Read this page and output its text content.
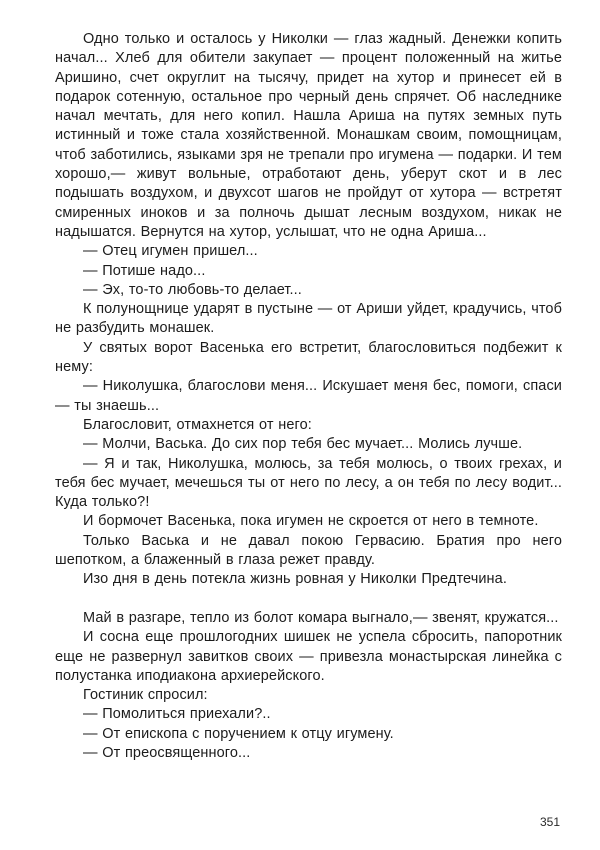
Одно только и осталось у Николки — глаз жадный. Денежки копить начал... Хлеб для обители закупает — процент положенный на житье Аришино, счет округлит на тысячу, придет на хутор и принесет ей в подарок сотенную, остальное про черный день спрячет. Об наследнике начал мечтать, для него копил. Нашла Ариша на путях земных путь истинный и тоже стала хозяйственной. Монашкам своим, помощницам, чтоб заботились, языками зря не трепали про игумена — подарки. И тем хорошо,— живут вольные, отработают день, уберут скот и в лес подышать воздухом, и двухсот шагов не пройдут от хутора — встретят смиренных иноков и за полночь дышат лесным воздухом, никак не надышатся. Вернутся на хутор, услышат, что не одна Ариша...

— Отец игумен пришел...

— Потише надо...

— Эх, то-то любовь-то делает...

К полунощнице ударят в пустыне — от Ариши уйдет, крадучись, чтоб не разбудить монашек.

У святых ворот Васенька его встретит, благословиться подбежит к нему:

— Николушка, благослови меня... Искушает меня бес, помоги, спаси — ты знаешь...

Благословит, отмахнется от него:

— Молчи, Васька. До сих пор тебя бес мучает... Молись лучше.

— Я и так, Николушка, молюсь, за тебя молюсь, о твоих грехах, и тебя бес мучает, мечешься ты от него по лесу, а он тебя по лесу водит... Куда только?!

И бормочет Васенька, пока игумен не скроется от него в темноте.

Только Васька и не давал покою Гервасию. Братия про него шепотком, а блаженный в глаза режет правду.

Изо дня в день потекла жизнь ровная у Николки Предтечина.

Май в разгаре, тепло из болот комара выгнало,— звенят, кружатся...

И сосна еще прошлогодних шишек не успела сбросить, папоротник еще не развернул завитков своих — привезла монастырская линейка с полустанка иподиакона архиерейского.

Гостиник спросил:

— Помолиться приехали?..

— От епископа с поручением к отцу игумену.

— От преосвященного...

351
